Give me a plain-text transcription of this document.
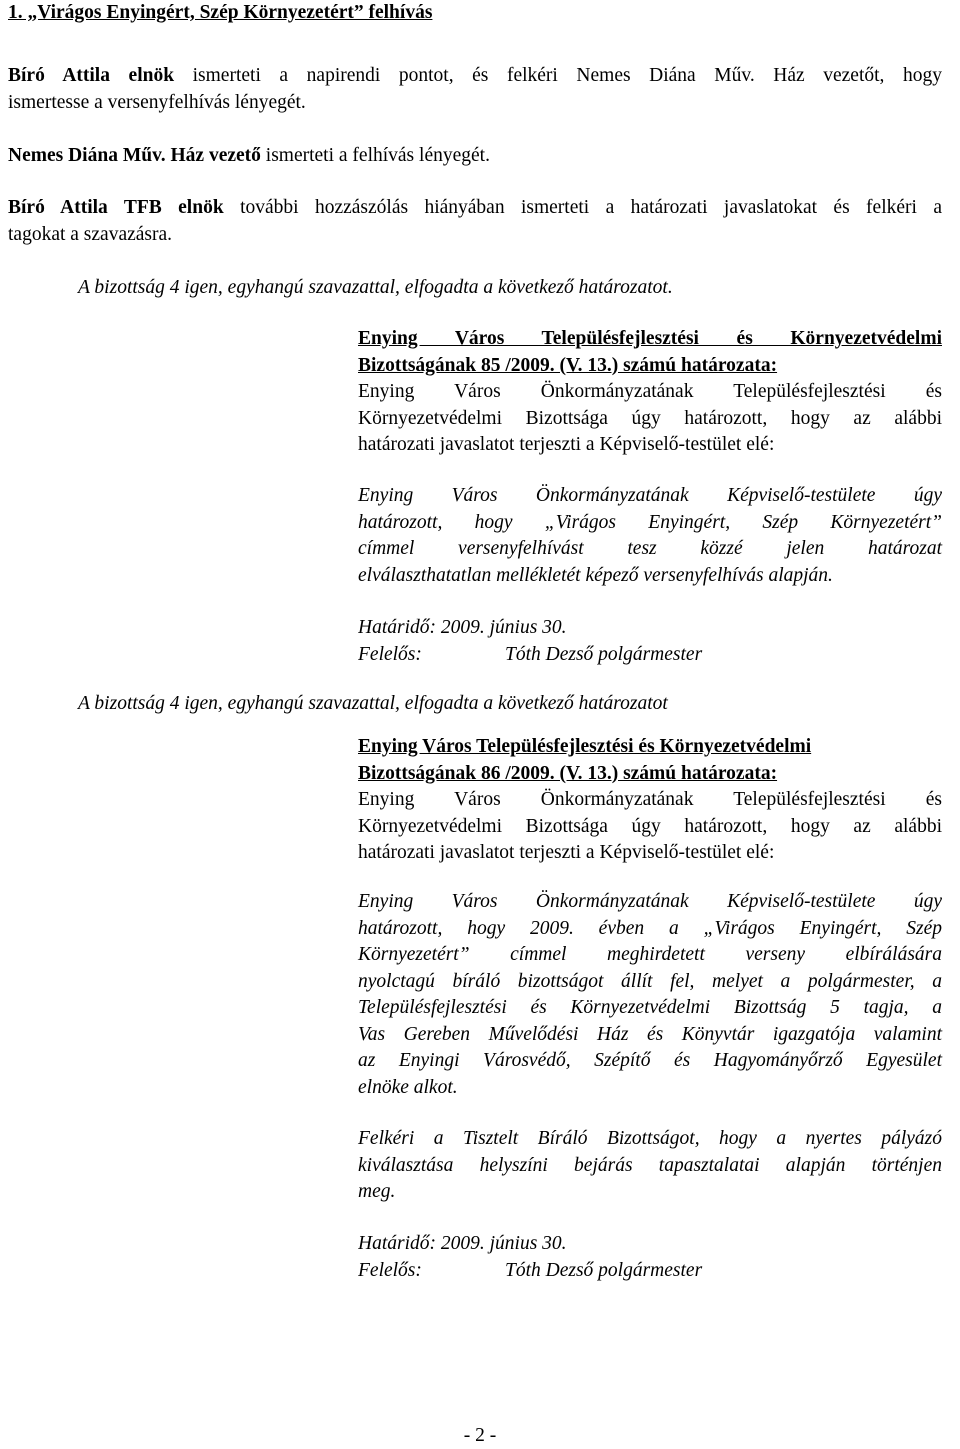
1. „Virágos Enyingért, Szép Környezetért” felhívás
Bíró Attila elnök ismerteti a napirendi pontot, és felkéri Nemes Diána Műv. Ház vezetőt, hogy
ismertesse a versenyfelhívás lényegét.
Nemes Diána Műv. Ház vezető ismerteti a felhívás lényegét.
Bíró Attila TFB elnök további hozzászólás hiányában ismerteti a határozati javaslatokat és felkéri a
tagokat a szavazásra.
A bizottság 4 igen, egyhangú szavazattal, elfogadta a következő határozatot.
Enying Város Településfejlesztési és Környezetvédelmi
Bizottságának 85 /2009. (V. 13.) számú határozata:
Enying Város Önkormányzatának Településfejlesztési és
Környezetvédelmi Bizottsága úgy határozott, hogy az alábbi
határozati javaslatot terjeszti a Képviselő-testület elé:
Enying Város Önkormányzatának Képviselő-testülete úgy
határozott, hogy „Virágos Enyingért, Szép Környezetért”
címmel versenyfelhívást tesz közzé jelen határozat
elválaszthatatlan mellékletét képező versenyfelhívás alapján.
Határidő: 2009. június 30.
Felelős:	Tóth Dezső polgármester
A bizottság 4 igen, egyhangú szavazattal, elfogadta a következő határozatot
Enying Város Településfejlesztési és Környezetvédelmi
Bizottságának 86 /2009. (V. 13.) számú határozata:
Enying Város Önkormányzatának Településfejlesztési és
Környezetvédelmi Bizottsága úgy határozott, hogy az alábbi
határozati javaslatot terjeszti a Képviselő-testület elé:
Enying Város Önkormányzatának Képviselő-testülete úgy
határozott, hogy 2009. évben a „Virágos Enyingért, Szép
Környezetért” címmel meghirdetett verseny elbírálására
nyolctagú bíráló bizottságot állít fel, melyet a polgármester, a
Településfejlesztési és Környezetvédelmi Bizottság 5 tagja, a
Vas Gereben Művelődési Ház és Könyvtár igazgatója valamint
az Enyingi Városvédő, Szépítő és Hagyományőrző Egyesület
elnöke alkot.
Felkéri a Tisztelt Bíráló Bizottságot, hogy a nyertes pályázó
kiválasztása helyszíni bejárás tapasztalatai alapján történjen
meg.
Határidő: 2009. június 30.
Felelős:	Tóth Dezső polgármester
- 2 -
